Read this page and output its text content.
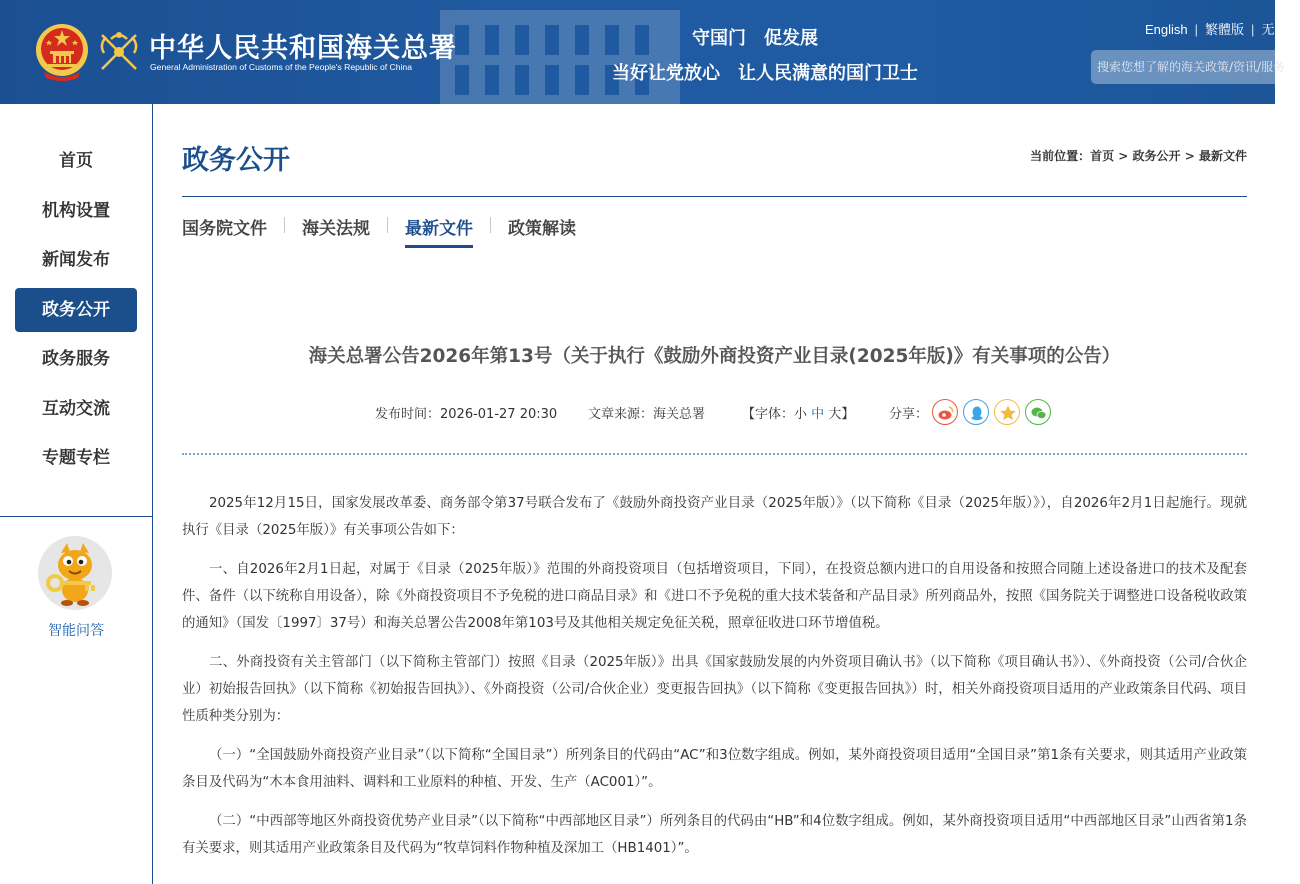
中华人民共和国海关总署
General Administration of Customs of the People's Republic of China
守国门　促发展
当好让党放心　让人民满意的国门卫士
English | 繁體版 | 无障碍
搜索您想了解的海关政策/资讯/服务
首页
机构设置
新闻发布
政务公开
政务服务
互动交流
专题专栏
智能问答
政务公开	当前位置：首页 > 政务公开 > 最新文件
国务院文件 海关法规 最新文件 政策解读
海关总署公告2026年第13号（关于执行《鼓励外商投资产业目录(2025年版)》有关事项的公告）
发布时间：2026-01-27 20:30 文章来源：海关总署	【字体：小 中 大】	分享：

2025年12月15日，国家发展改革委、商务部令第37号联合发布了《鼓励外商投资产业目录（2025年版）》（以下简称《目录（2025年版）》），自2026年2月1日起施行。现就执行《目录（2025年版）》有关事项公告如下：

一、自2026年2月1日起，对属于《目录（2025年版）》范围的外商投资项目（包括增资项目，下同），在投资总额内进口的自用设备和按照合同随上述设备进口的技术及配套件、备件（以下统称自用设备），除《外商投资项目不予免税的进口商品目录》和《进口不予免税的重大技术装备和产品目录》所列商品外，按照《国务院关于调整进口设备税收政策的通知》（国发〔1997〕37号）和海关总署公告2008年第103号及其他相关规定免征关税，照章征收进口环节增值税。

二、外商投资有关主管部门（以下简称主管部门）按照《目录（2025年版）》出具《国家鼓励发展的内外资项目确认书》（以下简称《项目确认书》）、《外商投资（公司/合伙企业）初始报告回执》（以下简称《初始报告回执》）、《外商投资（公司/合伙企业）变更报告回执》（以下简称《变更报告回执》）时，相关外商投资项目适用的产业政策条目代码、项目性质种类分别为：

（一）“全国鼓励外商投资产业目录”（以下简称“全国目录”）所列条目的代码由“AC”和3位数字组成。例如，某外商投资项目适用“全国目录”第1条有关要求，则其适用产业政策条目及代码为“木本食用油料、调料和工业原料的种植、开发、生产（AC001）”。

（二）“中西部等地区外商投资优势产业目录”（以下简称“中西部地区目录”）所列条目的代码由“HB”和4位数字组成。例如，某外商投资项目适用“中西部地区目录”山西省第1条有关要求，则其适用产业政策条目及代码为“牧草饲料作物种植及深加工（HB1401）”。
